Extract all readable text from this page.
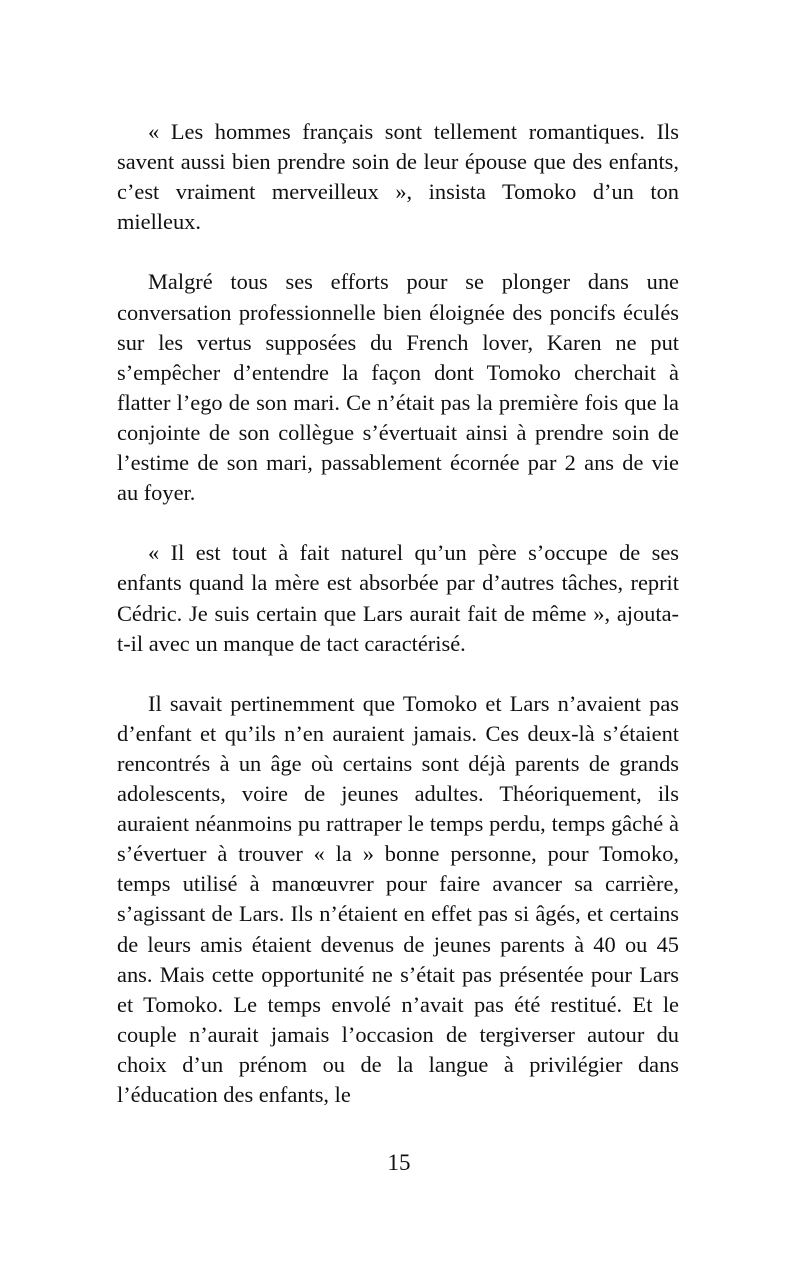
« Les hommes français sont tellement romantiques. Ils savent aussi bien prendre soin de leur épouse que des enfants, c’est vraiment merveilleux », insista Tomoko d’un ton mielleux.

Malgré tous ses efforts pour se plonger dans une conversation professionnelle bien éloignée des poncifs éculés sur les vertus supposées du French lover, Karen ne put s’empêcher d’entendre la façon dont Tomoko cherchait à flatter l’ego de son mari. Ce n’était pas la première fois que la conjointe de son collègue s’évertuait ainsi à prendre soin de l’estime de son mari, passablement écornée par 2 ans de vie au foyer.

« Il est tout à fait naturel qu’un père s’occupe de ses enfants quand la mère est absorbée par d’autres tâches, reprit Cédric. Je suis certain que Lars aurait fait de même », ajouta-t-il avec un manque de tact caractérisé.

Il savait pertinemment que Tomoko et Lars n’avaient pas d’enfant et qu’ils n’en auraient jamais. Ces deux-là s’étaient rencontrés à un âge où certains sont déjà parents de grands adolescents, voire de jeunes adultes. Théoriquement, ils auraient néanmoins pu rattraper le temps perdu, temps gâché à s’évertuer à trouver « la » bonne personne, pour Tomoko, temps utilisé à manœuvrer pour faire avancer sa carrière, s’agissant de Lars. Ils n’étaient en effet pas si âgés, et certains de leurs amis étaient devenus de jeunes parents à 40 ou 45 ans. Mais cette opportunité ne s’était pas présentée pour Lars et Tomoko. Le temps envolé n’avait pas été restitué. Et le couple n’aurait jamais l’occasion de tergiverser autour du choix d’un prénom ou de la langue à privilégier dans l’éducation des enfants, le

15
